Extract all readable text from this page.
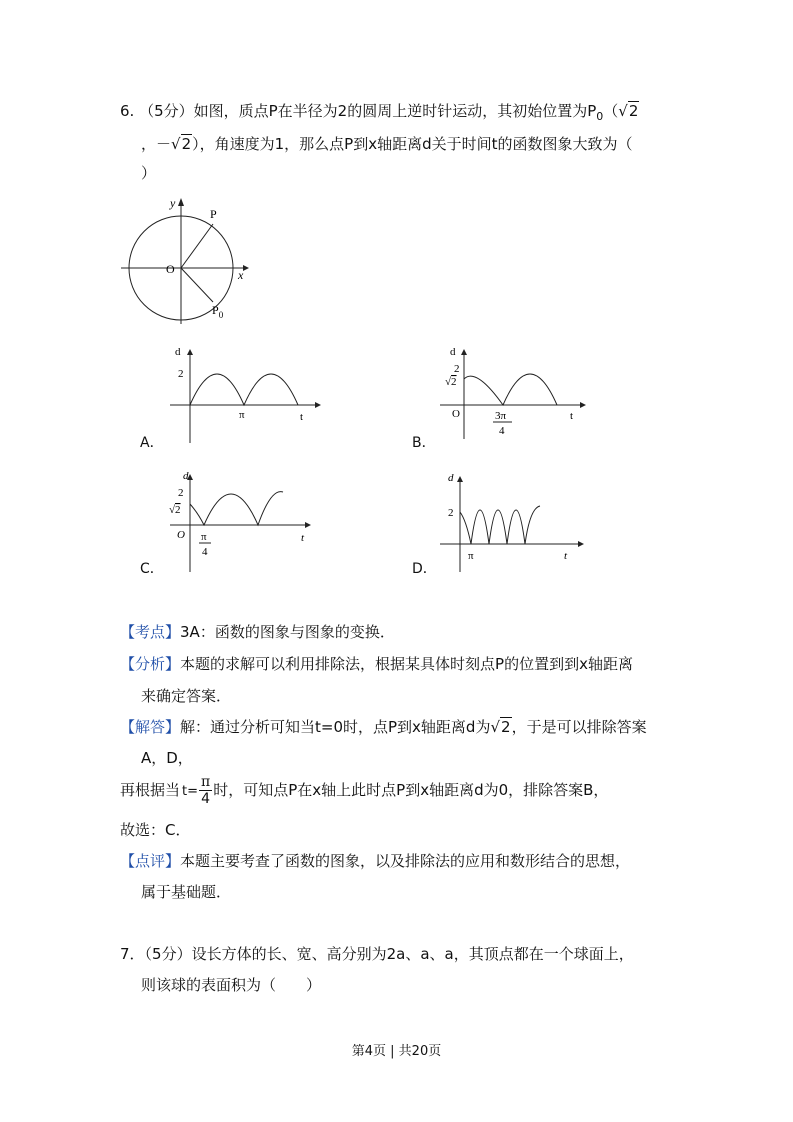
6. （5分）如图，质点P在半径为2的圆周上逆时针运动，其初始位置为$P_0(√2$
，－√2），角速度为1，那么点P到x轴距离d关于时间t的函数图象大致为（
）
y
x
O
P
$P_0$
d
2
π	t
A．
d
2
√2
O	3π
4
t
B．
d
2
√2
O π
4
t
C．
d
2
π	t
D．
【考点】3A：函数的图象与图象的变换．
【分析】本题的求解可以利用排除法，根据某具体时刻点P的位置到到x轴距离
来确定答案．
【解答】解：通过分析可知当t=0时，点P到x轴距离d为√2，于是可以排除答案
A，D，
再根据当 $t= \frac{\pi}{4}$ 时，可知点P在x轴上此时点P到x轴距离d为0，排除答案B，
故选：C．
【点评】本题主要考查了函数的图象，以及排除法的应用和数形结合的思想，
属于基础题．
7．（5分）设长方体的长、宽、高分别为2a、a、a，其顶点都在一个球面上，
则该球的表面积为（　　）
第4页 | 共20页
